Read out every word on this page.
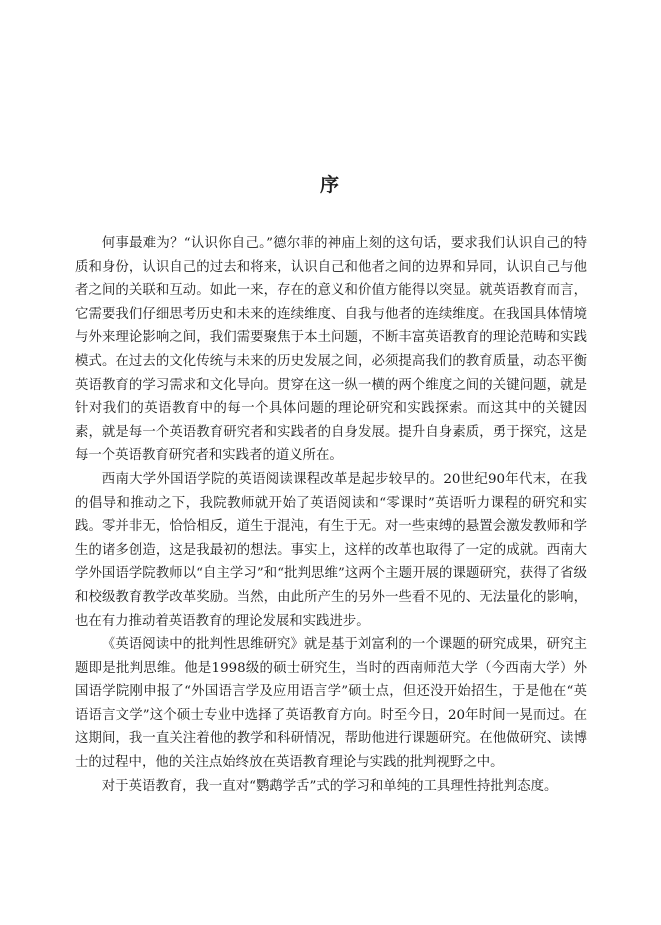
序

何事最难为？“认识你自己。”德尔菲的神庙上刻的这句话，要求我们认识自己的特质和身份，认识自己的过去和将来，认识自己和他者之间的边界和异同，认识自己与他者之间的关联和互动。如此一来，存在的意义和价值方能得以突显。就英语教育而言，它需要我们仔细思考历史和未来的连续维度、自我与他者的连续维度。在我国具体情境与外来理论影响之间，我们需要聚焦于本土问题，不断丰富英语教育的理论范畴和实践模式。在过去的文化传统与未来的历史发展之间，必须提高我们的教育质量，动态平衡英语教育的学习需求和文化导向。贯穿在这一纵一横的两个维度之间的关键问题，就是针对我们的英语教育中的每一个具体问题的理论研究和实践探索。而这其中的关键因素，就是每一个英语教育研究者和实践者的自身发展。提升自身素质，勇于探究，这是每一个英语教育研究者和实践者的道义所在。

西南大学外国语学院的英语阅读课程改革是起步较早的。20世纪90年代末，在我的倡导和推动之下，我院教师就开始了英语阅读和“零课时”英语听力课程的研究和实践。零并非无，恰恰相反，道生于混沌，有生于无。对一些束缚的悬置会激发教师和学生的诸多创造，这是我最初的想法。事实上，这样的改革也取得了一定的成就。西南大学外国语学院教师以“自主学习”和“批判思维”这两个主题开展的课题研究，获得了省级和校级教育教学改革奖励。当然，由此所产生的另外一些看不见的、无法量化的影响，也在有力推动着英语教育的理论发展和实践进步。

《英语阅读中的批判性思维研究》就是基于刘富利的一个课题的研究成果，研究主题即是批判思维。他是1998级的硕士研究生，当时的西南师范大学（今西南大学）外国语学院刚申报了“外国语言学及应用语言学”硕士点，但还没开始招生，于是他在“英语语言文学”这个硕士专业中选择了英语教育方向。时至今日，20年时间一晃而过。在这期间，我一直关注着他的教学和科研情况，帮助他进行课题研究。在他做研究、读博士的过程中，他的关注点始终放在英语教育理论与实践的批判视野之中。

对于英语教育，我一直对“鹦鹉学舌”式的学习和单纯的工具理性持批判态度。
